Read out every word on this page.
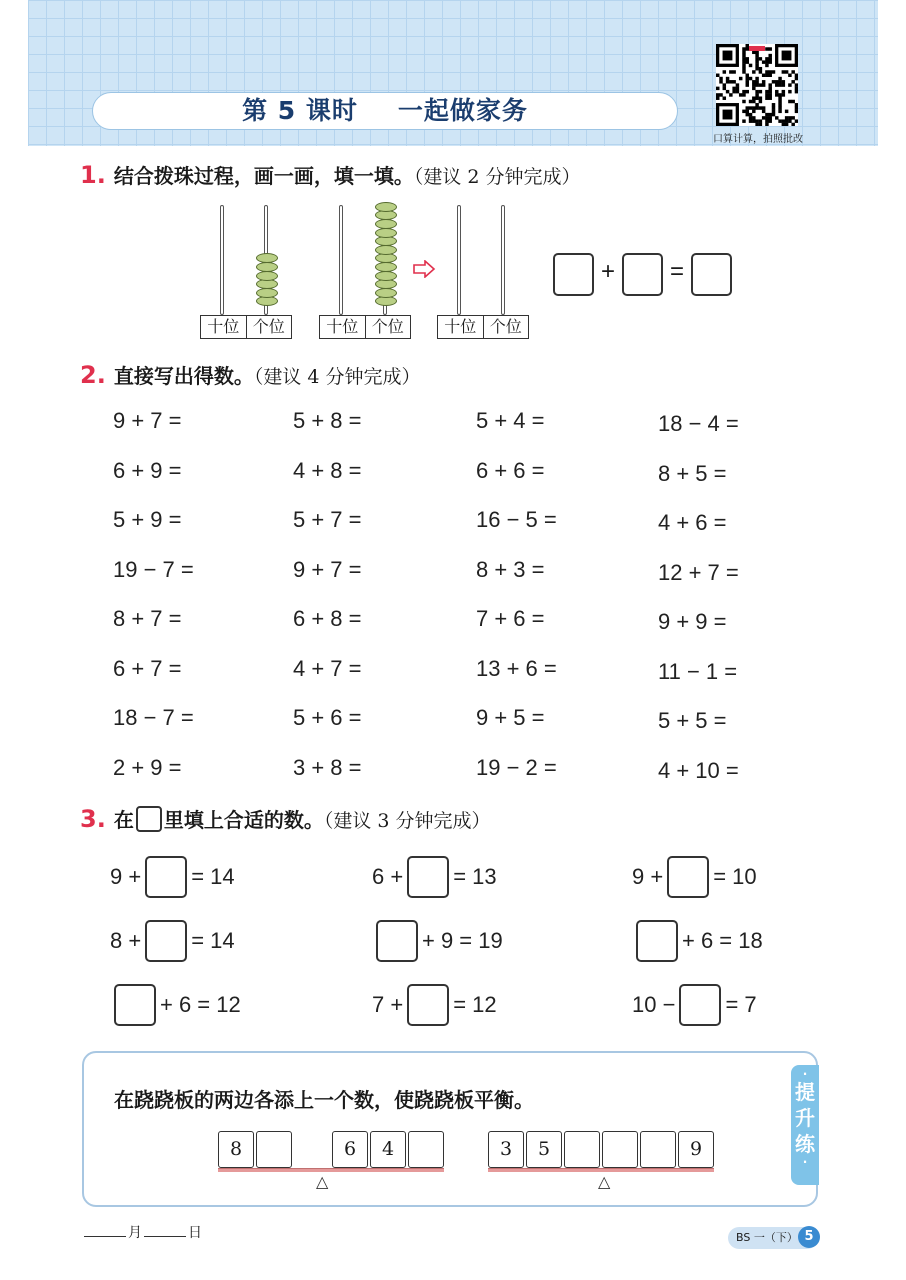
第 5 课时 一起做家务
口算计算，拍照批改
1. 结合拨珠过程，画一画，填一填。（建议 2 分钟完成）
十位 个位	十位 个位	十位 个位
+ =
2. 直接写出得数。（建议 4 分钟完成）
9 + 7 =	5 + 8 =	5 + 4 =	18 − 4 =
6 + 9 =	4 + 8 =	6 + 6 =	8 + 5 =
5 + 9 =	5 + 7 =	16 − 5 =	4 + 6 =
19 − 7 =	9 + 7 =	8 + 3 =	12 + 7 =
8 + 7 =	6 + 8 =	7 + 6 =	9 + 9 =
6 + 7 =	4 + 7 =	13 + 6 =	11 − 1 =
18 − 7 =	5 + 6 =	9 + 5 =	5 + 5 =
2 + 9 =	3 + 8 =	19 − 2 =	4 + 10 =
3. 在 里填上合适的数。（建议 3 分钟完成）
9 + = 14	6 + = 13	9 + = 10
8 + = 14	+ 9 = 19	+ 6 = 18
+ 6 = 12	7 + = 12	10 − = 7
·
提
升
练
·
在跷跷板的两边各添上一个数，使跷跷板平衡。
8	6	4
△
3	5	9
△
月	日	BS 一（下） 5
